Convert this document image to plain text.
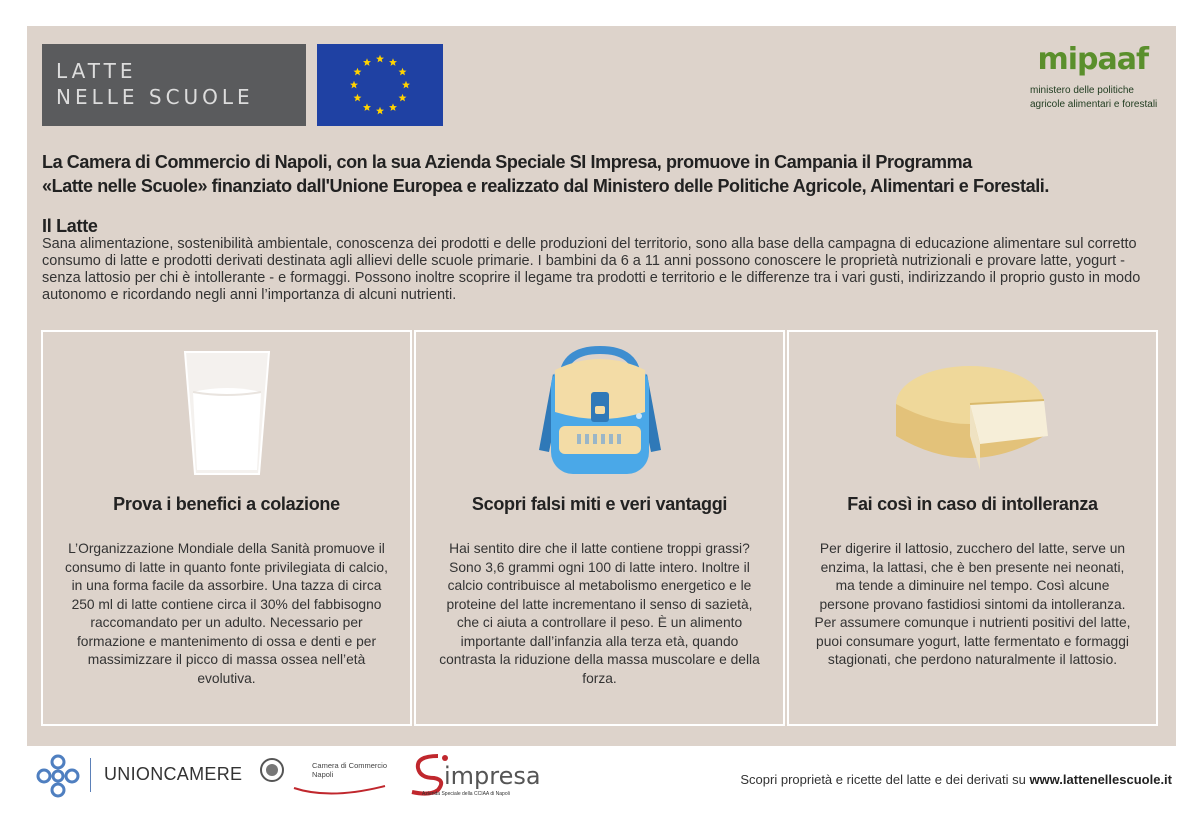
LATTE
NELLE SCUOLE
mipaaf
ministero delle politiche
agricole alimentari e forestali
La Camera di Commercio di Napoli, con la sua Azienda Speciale SI Impresa, promuove in Campania il Programma
«Latte nelle Scuole» finanziato dall'Unione Europea e realizzato dal Ministero delle Politiche Agricole, Alimentari e Forestali.
Il Latte

Sana alimentazione, sostenibilità ambientale, conoscenza dei prodotti e delle produzioni del territorio, sono alla base della campagna di educazione alimentare sul corretto consumo di latte e prodotti derivati destinata agli allievi delle scuole primarie. I bambini da 6 a 11 anni possono conoscere le proprietà nutrizionali e provare latte, yogurt - senza lattosio per chi è intollerante - e formaggi. Possono inoltre scoprire il legame tra prodotti e territorio e le differenze tra i vari gusti, indirizzando il proprio gusto in modo autonomo e ricordando negli anni l’importanza di alcuni nutrienti.

Prova i benefici a colazione
L’Organizzazione Mondiale della Sanità promuove il consumo di latte in quanto fonte privilegiata di calcio, in una forma facile da assorbire. Una tazza di circa 250 ml di latte contiene circa il 30% del fabbisogno raccomandato per un adulto. Necessario per formazione e mantenimento di ossa e denti e per massimizzare il picco di massa ossea nell’età evolutiva.
Scopri falsi miti e veri vantaggi
Hai sentito dire che il latte contiene troppi grassi? Sono 3,6 grammi ogni 100 di latte intero. Inoltre il calcio contribuisce al metabolismo energetico e le proteine del latte incrementano il senso di sazietà, che ci aiuta a controllare il peso. È un alimento importante dall’infanzia alla terza età, quando contrasta la riduzione della massa muscolare e della forza.
Fai così in caso di intolleranza
Per digerire il lattosio, zucchero del latte, serve un enzima, la lattasi, che è ben presente nei neonati, ma tende a diminuire nel tempo. Così alcune persone provano fastidiosi sintomi da intolleranza. Per assumere comunque i nutrienti positivi del latte, puoi consumare yogurt, latte fermentato e formaggi stagionati, che perdono naturalmente il lattosio.
UNIONCAMERE	Camera di Commercio
Napoli	impresa
Azienda Speciale della CCIAA di Napoli
Scopri proprietà e ricette del latte e dei derivati su www.lattenellescuole.it
